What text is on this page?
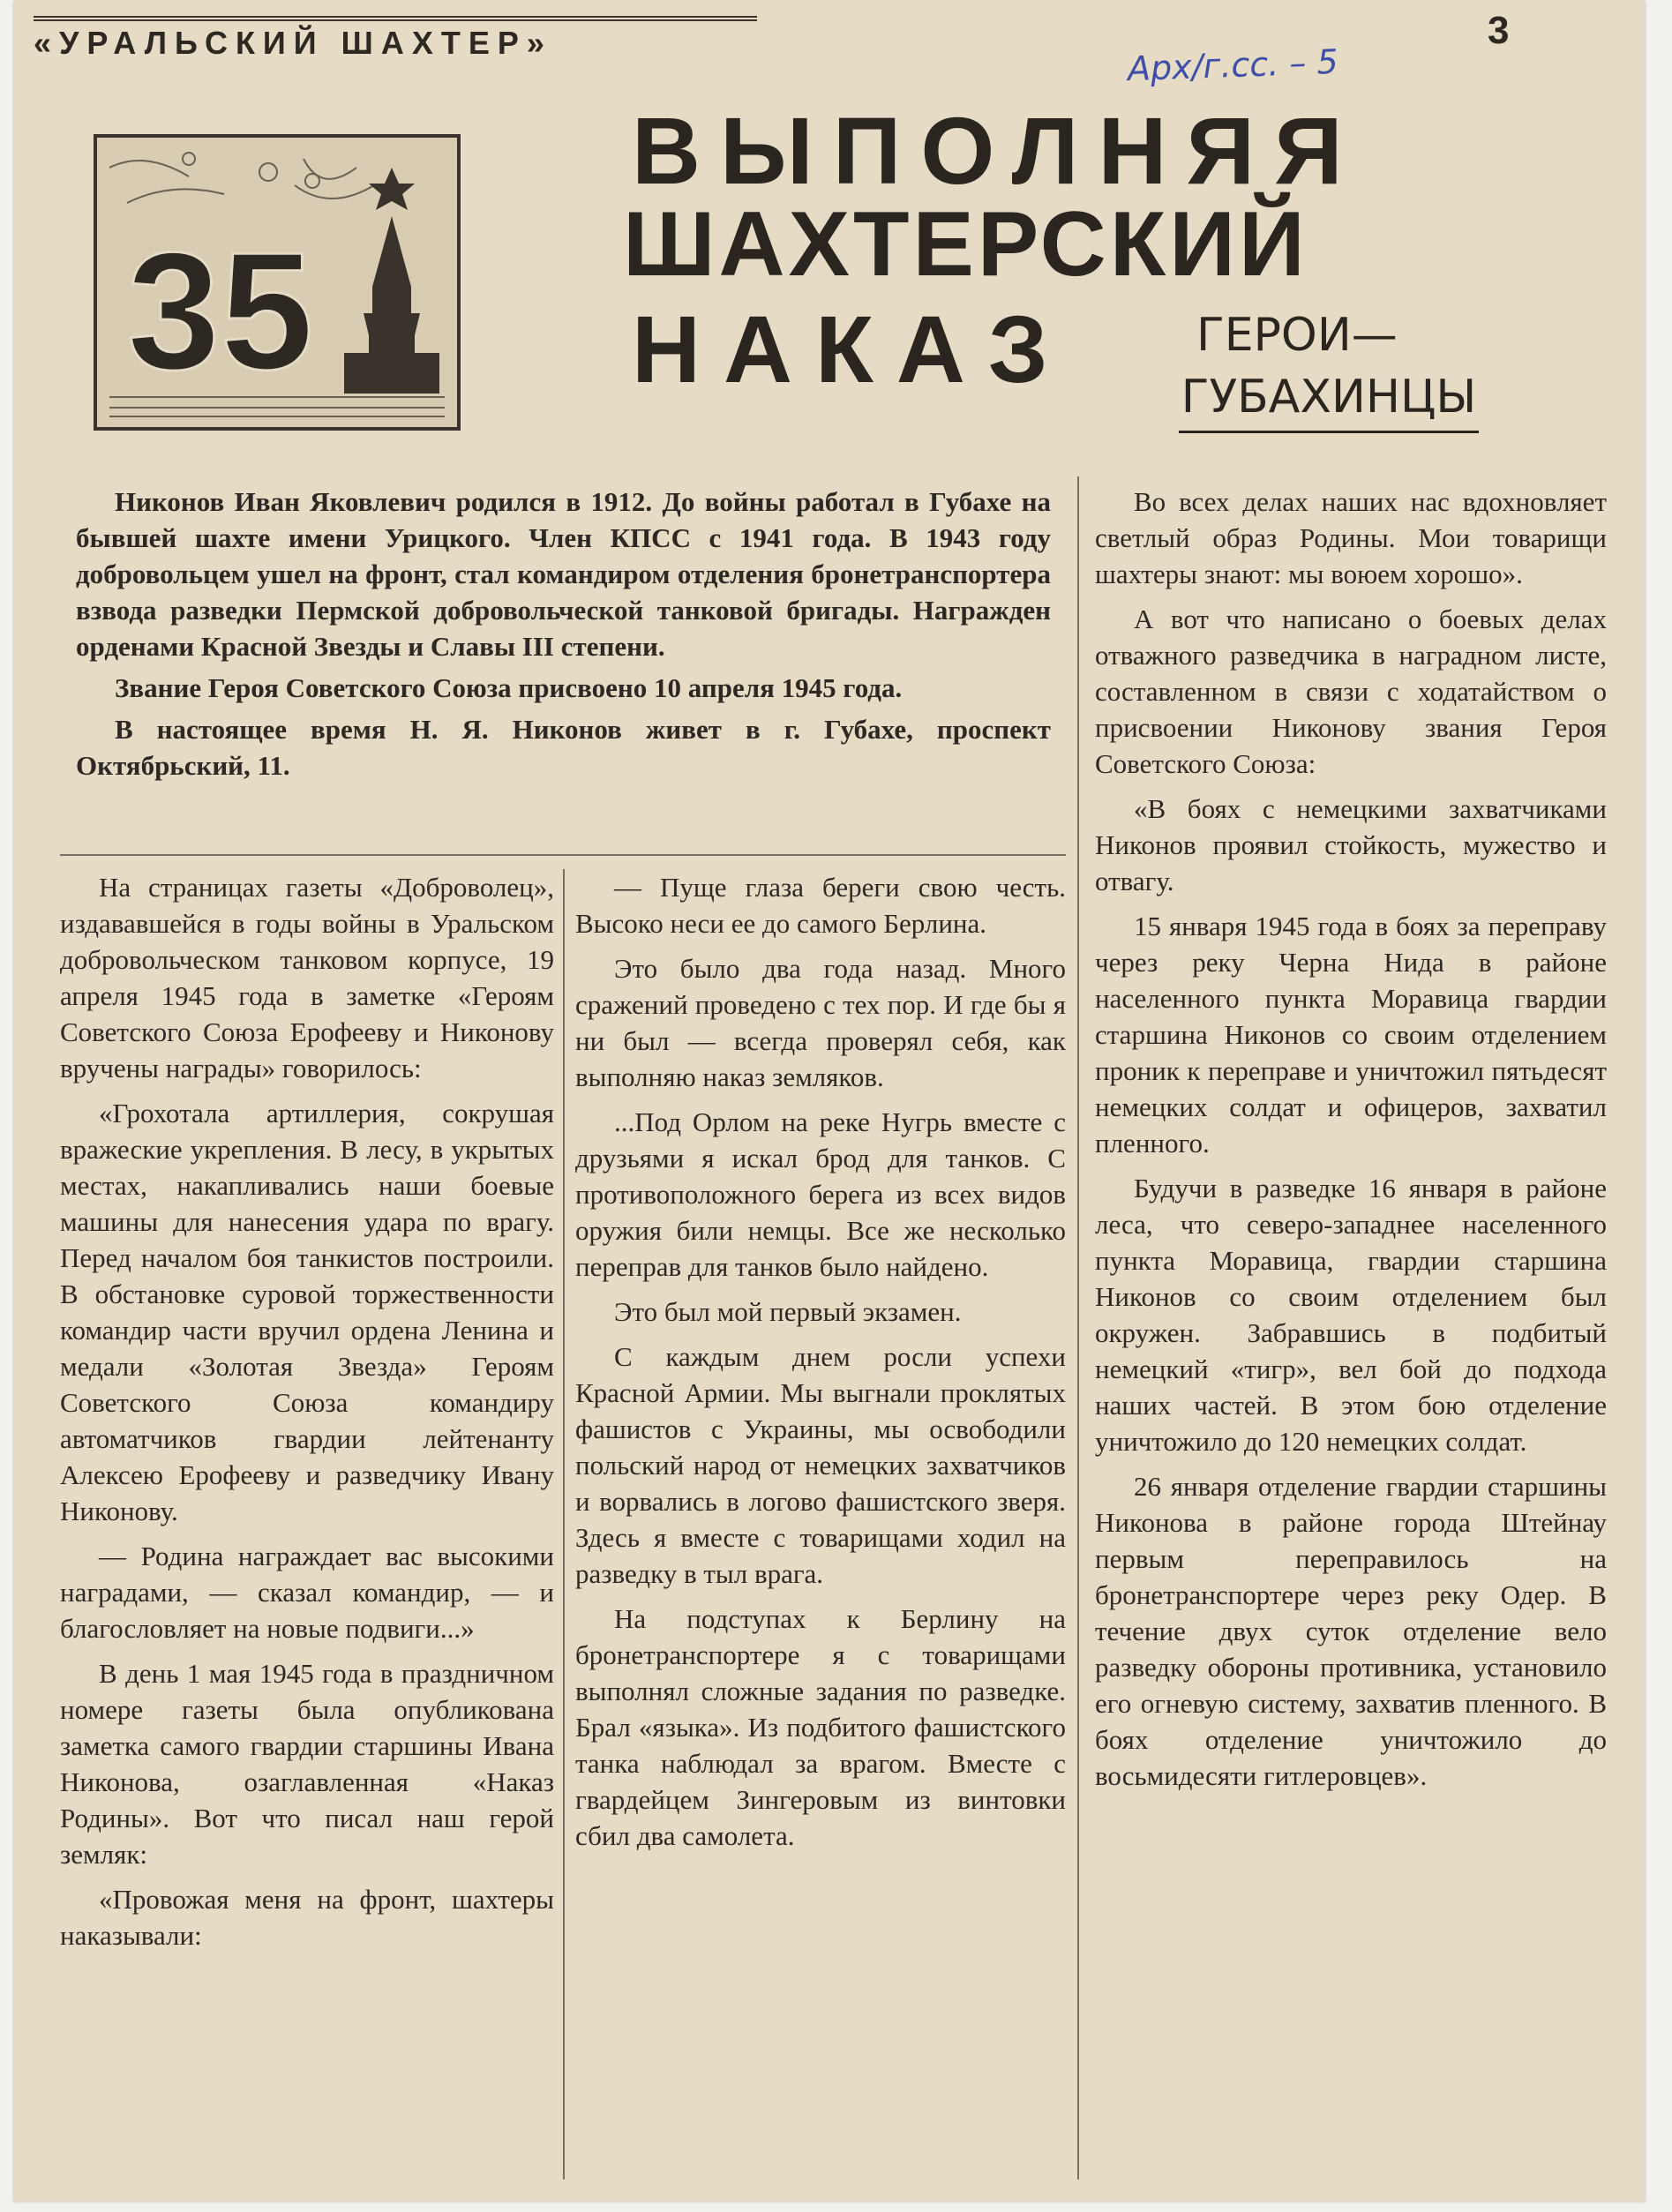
«УРАЛЬСКИЙ ШАХТЕР»	3
Арх/г.сс. – 5
35
ВЫПОЛНЯЯ
ШАХТЕРСКИЙ
НАКАЗ	ГЕРОИ—
ГУБАХИНЦЫ

Никонов Иван Яковлевич родился в 1912. До войны работал в Губахе на бывшей шахте имени Урицкого. Член КПСС с 1941 года. В 1943 году добровольцем ушел на фронт, стал командиром отделения бронетранспортера взвода разведки Пермской добровольческой танковой бригады. Награжден орденами Красной Звезды и Славы III степени.

Звание Героя Советского Союза присвоено 10 апреля 1945 года.

В настоящее время Н. Я. Никонов живет в г. Губахе, проспект Октябрьский, 11.

На страницах газеты «Доброволец», издававшейся в годы войны в Уральском добровольческом танковом корпусе, 19 апреля 1945 года в заметке «Героям Советского Союза Ерофееву и Никонову вручены награды» говорилось:

«Грохотала артиллерия, сокрушая вражеские укрепления. В лесу, в укрытых местах, накапливались наши боевые машины для нанесения удара по врагу. Перед началом боя танкистов построили. В обстановке суровой торжественности командир части вручил ордена Ленина и медали «Золотая Звезда» Героям Советского Союза командиру автоматчиков гвардии лейтенанту Алексею Ерофееву и разведчику Ивану Никонову.

— Родина награждает вас высокими наградами, — сказал командир, — и благословляет на новые подвиги...»

В день 1 мая 1945 года в праздничном номере газеты была опубликована заметка самого гвардии старшины Ивана Никонова, озаглавленная «Наказ Родины». Вот что писал наш герой земляк:

«Провожая меня на фронт, шахтеры наказывали:

— Пуще глаза береги свою честь. Высоко неси ее до самого Берлина.

Это было два года назад. Много сражений проведено с тех пор. И где бы я ни был — всегда проверял себя, как выполняю наказ земляков.

...Под Орлом на реке Нугрь вместе с друзьями я искал брод для танков. С противоположного берега из всех видов оружия били немцы. Все же несколько переправ для танков было найдено.

Это был мой первый экзамен.

С каждым днем росли успехи Красной Армии. Мы выгнали проклятых фашистов с Украины, мы освободили польский народ от немецких захватчиков и ворвались в логово фашистского зверя. Здесь я вместе с товарищами ходил на разведку в тыл врага.

На подступах к Берлину на бронетранспортере я с товарищами выполнял сложные задания по разведке. Брал «языка». Из подбитого фашистского танка наблюдал за врагом. Вместе с гвардейцем Зингеровым из винтовки сбил два самолета.

Во всех делах наших нас вдохновляет светлый образ Родины. Мои товарищи шахтеры знают: мы воюем хорошо».

А вот что написано о боевых делах отважного разведчика в наградном листе, составленном в связи с ходатайством о присвоении Никонову звания Героя Советского Союза:

«В боях с немецкими захватчиками Никонов проявил стойкость, мужество и отвагу.

15 января 1945 года в боях за переправу через реку Черна Нида в районе населенного пункта Моравица гвардии старшина Никонов со своим отделением проник к переправе и уничтожил пятьдесят немецких солдат и офицеров, захватил пленного.

Будучи в разведке 16 января в районе леса, что северо-западнее населенного пункта Моравица, гвардии старшина Никонов со своим отделением был окружен. Забравшись в подбитый немецкий «тигр», вел бой до подхода наших частей. В этом бою отделение уничтожило до 120 немецких солдат.

26 января отделение гвардии старшины Никонова в районе города Штейнау первым переправилось на бронетранспортере через реку Одер. В течение двух суток отделение вело разведку обороны противника, установило его огневую систему, захватив пленного. В боях отделение уничтожило до восьмидесяти гитлеровцев».
